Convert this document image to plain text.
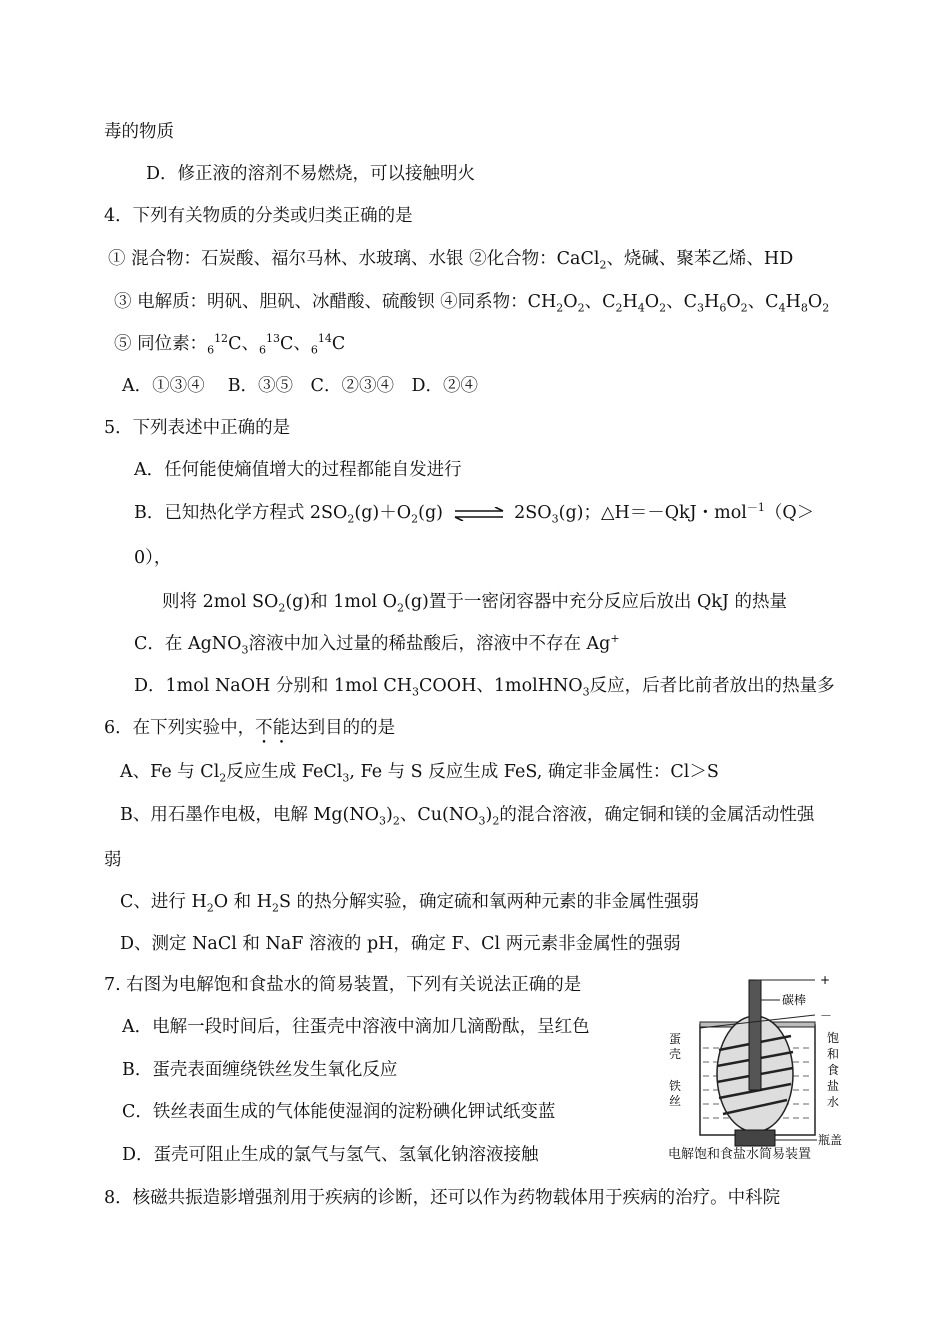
毒的物质
D．修正液的溶剂不易燃烧，可以接触明火
4．下列有关物质的分类或归类正确的是
① 混合物：石炭酸、福尔马林、水玻璃、水银 ②化合物：CaCl$_2$、烧碱、聚苯乙烯、HD
③ 电解质：明矾、胆矾、冰醋酸、硫酸钡 ④同系物：$CH_2O_2$、$C_2H_4O_2$、$C_3H_6O_2$、$C_4H_8O_2$
⑤ 同位素：$_6^{12}$C、$_6^{13}$C、$_6^{14}$C
A．①③④　 B．③⑤　C．②③④　D．②④
5．下列表述中正确的是
A．任何能使熵值增大的过程都能自发进行
B．已知热化学方程式 $2SO_2(g)+O_2(g)$ ⇌ $2SO_3(g)$；△H＝－QkJ・mol$^{-1}$（Q＞
0），
则将 2mol $SO_2(g)$和 1mol $O_2(g)$置于一密闭容器中充分反应后放出 QkJ 的热量
C．在 AgNO$_3$溶液中加入过量的稀盐酸后，溶液中不存在 Ag+
D．1mol NaOH 分别和 1mol $CH_3COOH$、1molHNO$_3$反应，后者比前者放出的热量多
6．在下列实验中，不能达到目的的是
A、Fe 与 $Cl_2$反应生成 FeCl$_3$, Fe 与 S 反应生成 FeS, 确定非金属性：Cl＞S
B、用石墨作电极，电解 $Mg(NO_3)_2$、$Cu(NO_3)_2$的混合溶液，确定铜和镁的金属活动性强
弱
C、进行 $H_2O$ 和 $H_2S$ 的热分解实验，确定硫和氧两种元素的非金属性强弱
D、测定 NaCl 和 NaF 溶液的 pH，确定 F、Cl 两元素非金属性的强弱
7. 右图为电解饱和食盐水的简易装置，下列有关说法正确的是
A．电解一段时间后，往蛋壳中溶液中滴加几滴酚酞，呈红色
B．蛋壳表面缠绕铁丝发生氧化反应
C．铁丝表面生成的气体能使湿润的淀粉碘化钾试纸变蓝
D．蛋壳可阻止生成的氯气与氢气、氢氧化钠溶液接触
8．核磁共振造影增强剂用于疾病的诊断，还可以作为药物载体用于疾病的治疗。中科院
+
－
碳棒
蛋
壳
铁
丝
饱
和
食
盐
水
瓶盖
电解饱和食盐水简易装置
